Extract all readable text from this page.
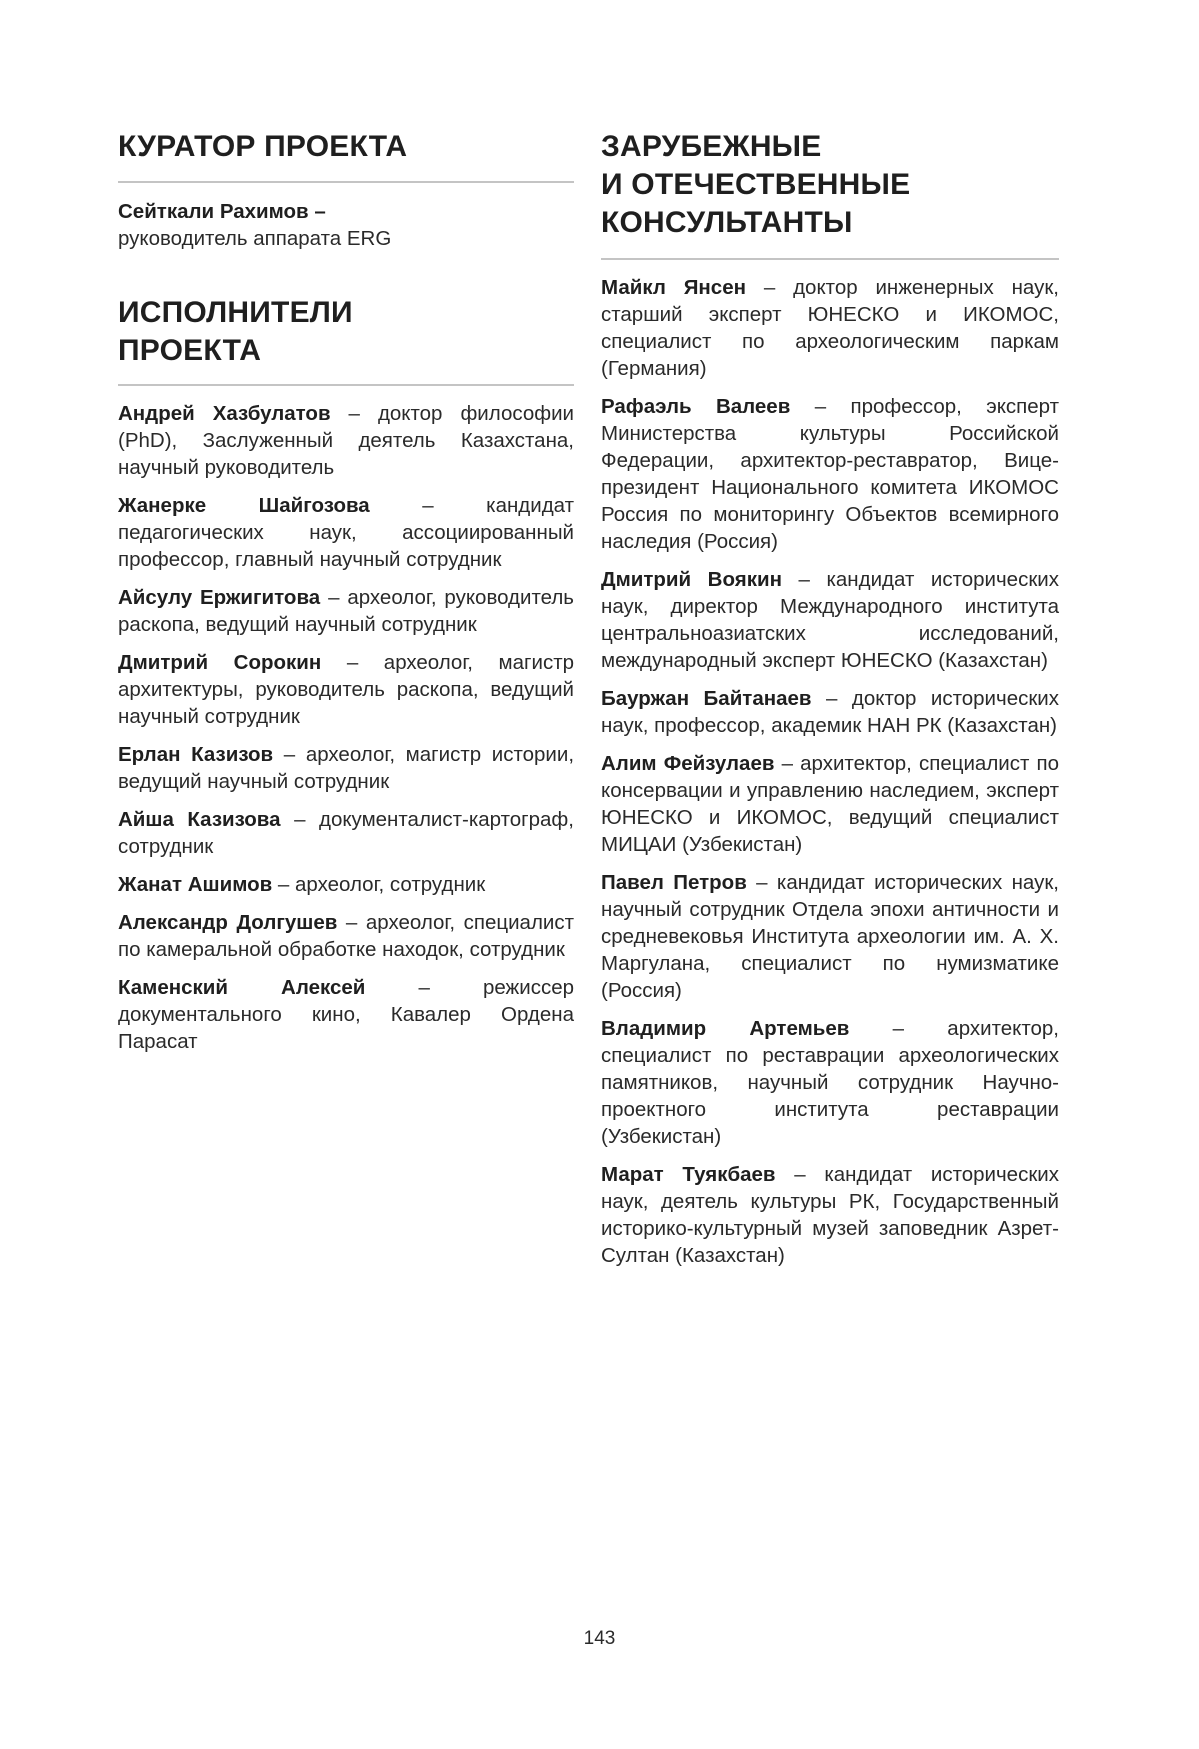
КУРАТОР ПРОЕКТА

Сейткали Рахимов –
руководитель аппарата ERG

ИСПОЛНИТЕЛИ
ПРОЕКТА

Андрей Хазбулатов – доктор философии (PhD), Заслуженный деятель Казахстана, научный руководитель

Жанерке Шайгозова	–	кандидат педагогических наук, ассоциированный профессор, главный научный сотрудник

Айсулу Ержигитова – археолог, руководитель раскопа, ведущий научный сотрудник

Дмитрий Сорокин – археолог, магистр архитектуры, руководитель раскопа, ведущий научный сотрудник

Ерлан Казизов – археолог, магистр истории, ведущий научный сотрудник

Айша Казизова – документалист-картограф, сотрудник

Жанат Ашимов – археолог, сотрудник

Александр Долгушев – археолог, специалист по камеральной обработке находок, сотрудник

Каменский Алексей	–	режиссер документального кино, Кавалер Ордена Парасат

ЗАРУБЕЖНЫЕ
И ОТЕЧЕСТВЕННЫЕ
КОНСУЛЬТАНТЫ

Майкл Янсен – доктор инженерных наук, старший эксперт ЮНЕСКО и ИКОМОС, специалист по археологическим паркам (Германия)

Рафаэль Валеев – профессор, эксперт Министерства культуры Российской Федерации, архитектор-реставратор, Вице-президент Национального комитета ИКОМОС Россия по мониторингу Объектов всемирного наследия (Россия)

Дмитрий Воякин – кандидат исторических наук, директор Международного института центральноазиатских исследований, международный эксперт ЮНЕСКО (Казахстан)

Бауржан Байтанаев – доктор исторических наук, профессор, академик НАН РК (Казахстан)

Алим Фейзулаев – архитектор, специалист по консервации и управлению наследием, эксперт ЮНЕСКО и ИКОМОС, ведущий специалист МИЦАИ (Узбекистан)

Павел Петров – кандидат исторических наук, научный сотрудник Отдела эпохи античности и средневековья Института археологии им. А. Х. Маргулана, специалист по нумизматике (Россия)

Владимир Артемьев – архитектор, специалист по реставрации археологических памятников, научный сотрудник Научно-проектного института реставрации (Узбекистан)

Марат Туякбаев – кандидат исторических наук, деятель культуры РК, Государственный историко-культурный музей заповедник Азрет-Султан (Казахстан)

143
